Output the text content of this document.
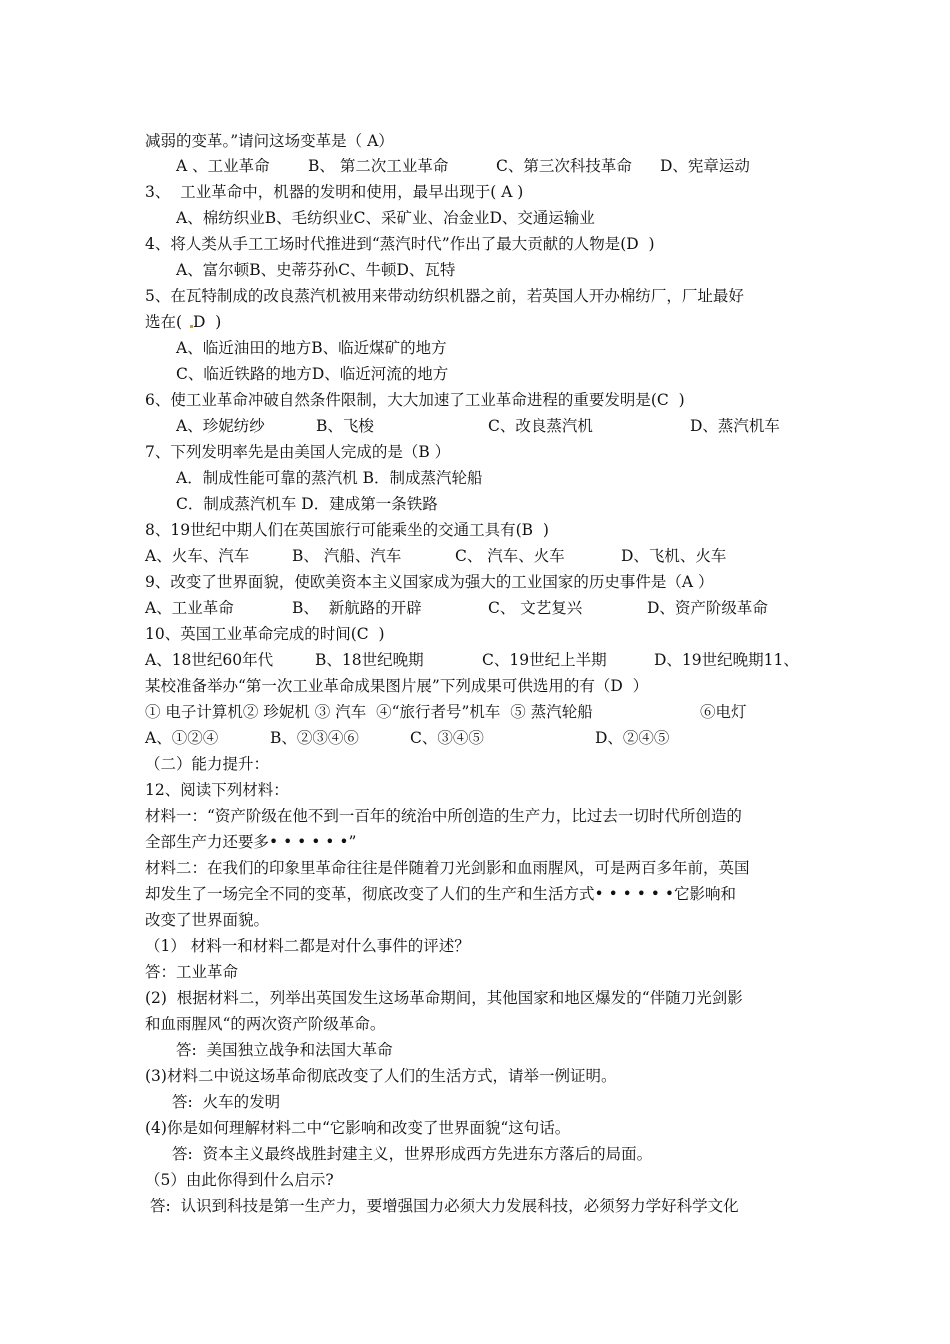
减弱的变革。”请问这场变革是（ A）
A 、工业革命 B、 第二次工业革命	C、第三次科技革命 D、宪章运动
3、  工业革命中，机器的发明和使用，最早出现于( A )
A、棉纺织业B、毛纺织业C、采矿业、冶金业D、交通运输业
4、将人类从手工工场时代推进到“蒸汽时代”作出了最大贡献的人物是(D  )
A、富尔顿B、史蒂芬孙C、牛顿D、瓦特
5、在瓦特制成的改良蒸汽机被用来带动纺织机器之前，若英国人开办棉纺厂，厂址最好
选在( D  )
A、临近油田的地方B、临近煤矿的地方
C、临近铁路的地方D、临近河流的地方
6、使工业革命冲破自然条件限制，大大加速了工业革命进程的重要发明是(C  )
A、珍妮纺纱	B、飞梭	C、改良蒸汽机	D、蒸汽机车
7、下列发明率先是由美国人完成的是（B ）
A．制成性能可靠的蒸汽机 B．制成蒸汽轮船
C．制成蒸汽机车 D．建成第一条铁路
8、19世纪中期人们在英国旅行可能乘坐的交通工具有(B  )
A、火车、汽车	B、 汽船、汽车	C、 汽车、火车	D、飞机、火车
9、改变了世界面貌，使欧美资本主义国家成为强大的工业国家的历史事件是（A ）
A、工业革命	B、  新航路的开辟	C、 文艺复兴	D、资产阶级革命
10、英国工业革命完成的时间(C  )
A、18世纪60年代	B、18世纪晚期	C、19世纪上半期	D、19世纪晚期11、
某校准备举办“第一次工业革命成果图片展”下列成果可供选用的有（D  ）
① 电子计算机② 珍妮机 ③ 汽车  ④“旅行者号”机车  ⑤ 蒸汽轮船	⑥电灯
A、①②④	B、②③④⑥	C、③④⑤	D、②④⑤
（二）能力提升：
12、阅读下列材料：
材料一：“资产阶级在他不到一百年的统治中所创造的生产力，比过去一切时代所创造的
全部生产力还要多• • • • • •”
材料二：在我们的印象里革命往往是伴随着刀光剑影和血雨腥风，可是两百多年前，英国
却发生了一场完全不同的变革，彻底改变了人们的生产和生活方式• • • • • •它影响和
改变了世界面貌。
（1） 材料一和材料二都是对什么事件的评述？
答：工业革命
(2)  根据材料二，列举出英国发生这场革命期间，其他国家和地区爆发的“伴随刀光剑影
和血雨腥风“的两次资产阶级革命。
答:  美国独立战争和法国大革命
(3)材料二中说这场革命彻底改变了人们的生活方式，请举一例证明。
答:  火车的发明
(4)你是如何理解材料二中“它影响和改变了世界面貌“这句话。
答:  资本主义最终战胜封建主义，世界形成西方先进东方落后的局面。
（5）由此你得到什么启示?
答:  认识到科技是第一生产力，要增强国力必须大力发展科技，必须努力学好科学文化
